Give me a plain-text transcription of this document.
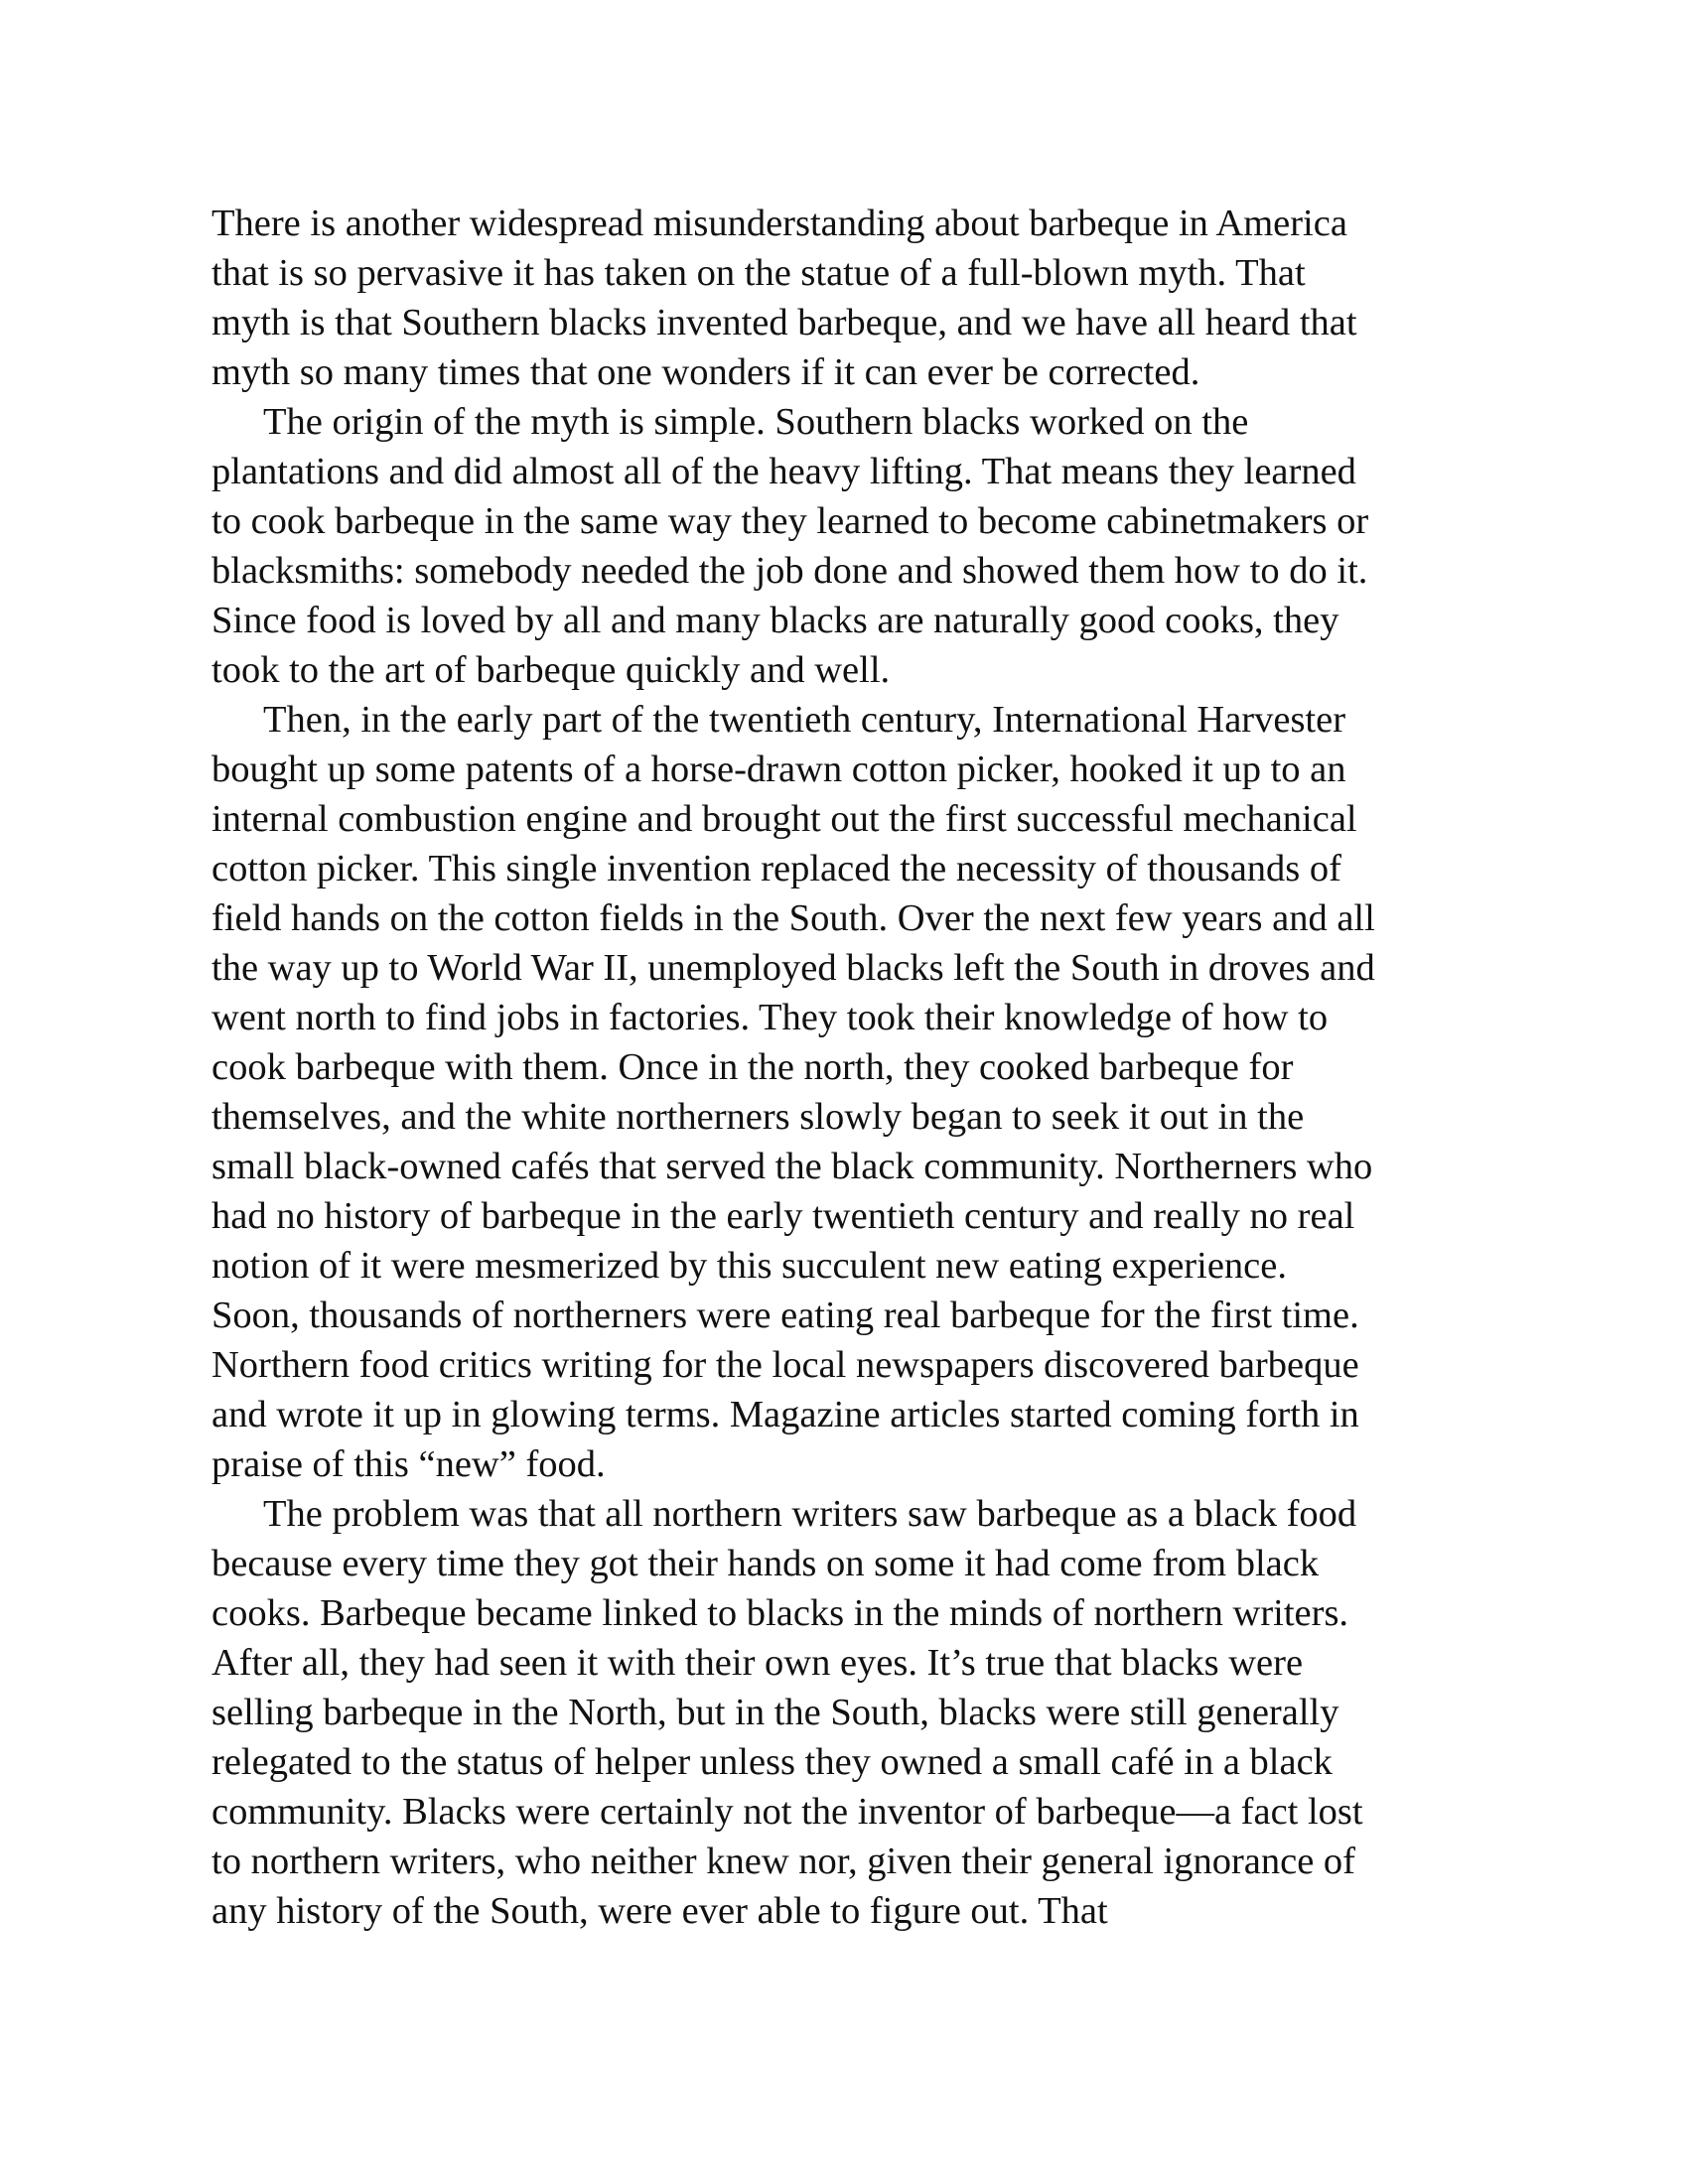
There is another widespread misunderstanding about barbeque in America
that is so pervasive it has taken on the statue of a full-blown myth. That
myth is that Southern blacks invented barbeque, and we have all heard that
myth so many times that one wonders if it can ever be corrected.

The origin of the myth is simple. Southern blacks worked on the
plantations and did almost all of the heavy lifting. That means they learned
to cook barbeque in the same way they learned to become cabinetmakers or
blacksmiths: somebody needed the job done and showed them how to do it.
Since food is loved by all and many blacks are naturally good cooks, they
took to the art of barbeque quickly and well.

Then, in the early part of the twentieth century, International Harvester
bought up some patents of a horse-drawn cotton picker, hooked it up to an
internal combustion engine and brought out the first successful mechanical
cotton picker. This single invention replaced the necessity of thousands of
field hands on the cotton fields in the South. Over the next few years and all
the way up to World War II, unemployed blacks left the South in droves and
went north to find jobs in factories. They took their knowledge of how to
cook barbeque with them. Once in the north, they cooked barbeque for
themselves, and the white northerners slowly began to seek it out in the
small black-owned cafés that served the black community. Northerners who
had no history of barbeque in the early twentieth century and really no real
notion of it were mesmerized by this succulent new eating experience.
Soon, thousands of northerners were eating real barbeque for the first time.
Northern food critics writing for the local newspapers discovered barbeque
and wrote it up in glowing terms. Magazine articles started coming forth in
praise of this “new” food.

The problem was that all northern writers saw barbeque as a black food
because every time they got their hands on some it had come from black
cooks. Barbeque became linked to blacks in the minds of northern writers.
After all, they had seen it with their own eyes. It’s true that blacks were
selling barbeque in the North, but in the South, blacks were still generally
relegated to the status of helper unless they owned a small café in a black
community. Blacks were certainly not the inventor of barbeque—a fact lost
to northern writers, who neither knew nor, given their general ignorance of
any history of the South, were ever able to figure out. That
